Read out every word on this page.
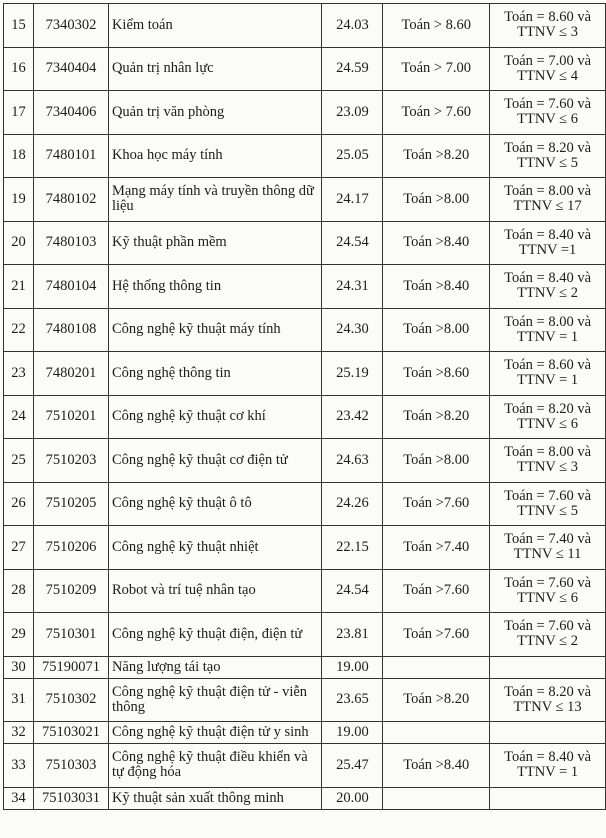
15	7340302	Kiểm toán	24.03	Toán > 8.60	Toán = 8.60 và
TTNV ≤ 3

16	7340404	Quản trị nhân lực	24.59	Toán > 7.00	Toán = 7.00 và
TTNV ≤ 4

17	7340406	Quản trị văn phòng	23.09	Toán > 7.60	Toán = 7.60 và
TTNV ≤ 6

18	7480101	Khoa học máy tính	25.05	Toán >8.20	Toán = 8.20 và
TTNV ≤ 5

19	7480102	Mạng máy tính và truyền thông dữ liệu	24.17	Toán >8.00	Toán = 8.00 và
TTNV ≤ 17

20	7480103	Kỹ thuật phần mềm	24.54	Toán >8.40	Toán = 8.40 và
TTNV =1

21	7480104	Hệ thống thông tin	24.31	Toán >8.40	Toán = 8.40 và
TTNV ≤ 2

22	7480108	Công nghệ kỹ thuật máy tính	24.30	Toán >8.00	Toán = 8.00 và
TTNV = 1

23	7480201	Công nghệ thông tin	25.19	Toán >8.60	Toán = 8.60 và
TTNV = 1

24	7510201	Công nghệ kỹ thuật cơ khí	23.42	Toán >8.20	Toán = 8.20 và
TTNV ≤ 6

25	7510203	Công nghệ kỹ thuật cơ điện tử	24.63	Toán >8.00	Toán = 8.00 và
TTNV ≤ 3

26	7510205	Công nghệ kỹ thuật ô tô	24.26	Toán >7.60	Toán = 7.60 và
TTNV ≤ 5

27	7510206	Công nghệ kỹ thuật nhiệt	22.15	Toán >7.40	Toán = 7.40 và
TTNV ≤ 11

28	7510209	Robot và trí tuệ nhân tạo	24.54	Toán >7.60	Toán = 7.60 và
TTNV ≤ 6

29	7510301	Công nghệ kỹ thuật điện, điện tử	23.81	Toán >7.60	Toán = 7.60 và
TTNV ≤ 2

30	75190071	Năng lượng tái tạo	19.00		

31	7510302	Công nghệ kỹ thuật điện tử - viễn thông	23.65	Toán >8.20	Toán = 8.20 và
TTNV ≤ 13

32	75103021	Công nghệ kỹ thuật điện tử y sinh	19.00		

33	7510303	Công nghệ kỹ thuật điều khiển và tự động hóa	25.47	Toán >8.40	Toán = 8.40 và
TTNV = 1

34	75103031	Kỹ thuật sản xuất thông minh	20.00		
